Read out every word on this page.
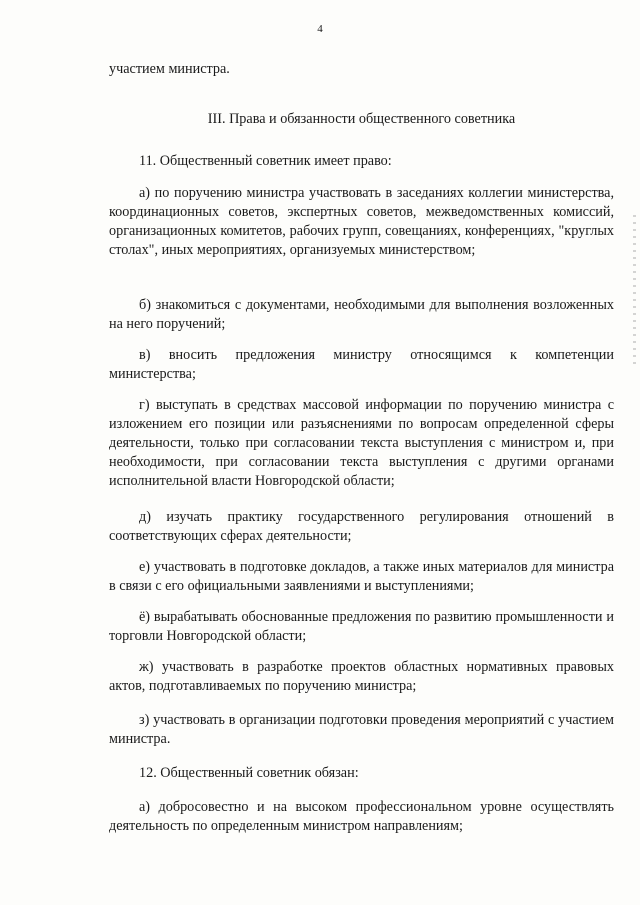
4

участием министра.

III. Права и обязанности общественного советника

11. Общественный советник имеет право:

а) по поручению министра участвовать в заседаниях коллегии министерства, координационных советов, экспертных советов, межведомственных комиссий, организационных комитетов, рабочих групп, совещаниях, конференциях, "круглых столах", иных мероприятиях, организуемых министерством;

б) знакомиться с документами, необходимыми для выполнения возложенных на него поручений;

в) вносить предложения министру относящимся к компетенции министерства;

г) выступать в средствах массовой информации по поручению министра с изложением его позиции или разъяснениями по вопросам определенной сферы деятельности, только при согласовании текста выступления с министром и, при необходимости, при согласовании текста выступления с другими органами исполнительной власти Новгородской области;

д) изучать практику государственного регулирования отношений в соответствующих сферах деятельности;

е) участвовать в подготовке докладов, а также иных материалов для министра в связи с его официальными заявлениями и выступлениями;

ё) вырабатывать обоснованные предложения по развитию промышленности и торговли Новгородской области;

ж) участвовать в разработке проектов областных нормативных правовых актов, подготавливаемых по поручению министра;

з) участвовать в организации подготовки проведения мероприятий с участием министра.

12. Общественный советник обязан:

а) добросовестно и на высоком профессиональном уровне осуществлять деятельность по определенным министром направлениям;
